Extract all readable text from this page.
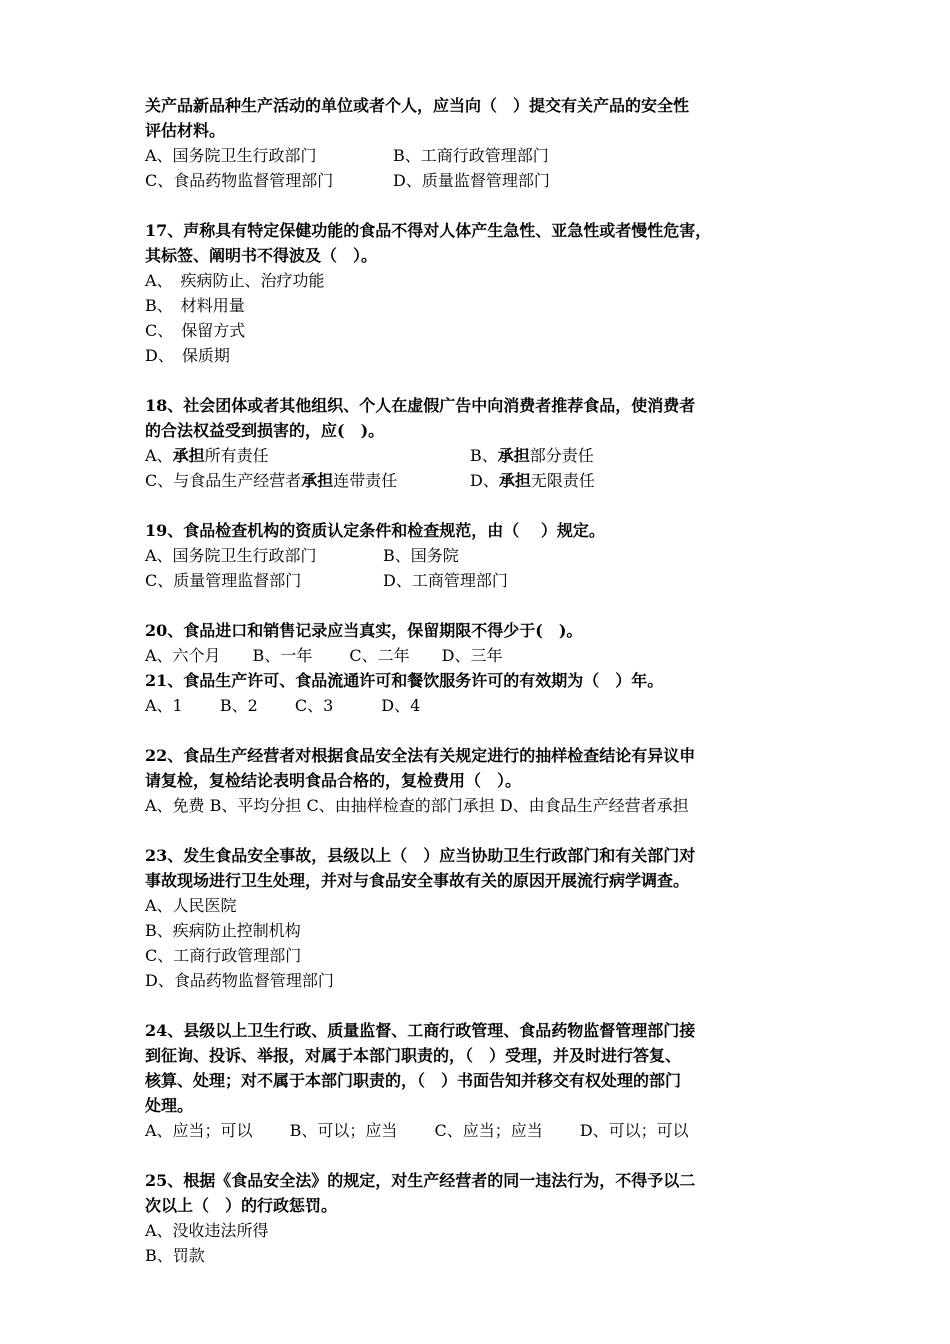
关产品新品种生产活动的单位或者个人，应当向（　）提交有关产品的安全性

评估材料。

A、国务院卫生行政部门	B、工商行政管理部门
C、食品药物监督管理部门	D、质量监督管理部门

17、声称具有特定保健功能的食品不得对人体产生急性、亚急性或者慢性危害，

其标签、阐明书不得波及（　）。

A、　疾病防止、治疗功能

B、　材料用量

C、　保留方式

D、　保质期

18、社会团体或者其他组织、个人在虚假广告中向消费者推荐食品，使消费者

的合法权益受到损害的，应(　)。

A、承担所有责任	B、承担部分责任
C、与食品生产经营者承担连带责任	D、承担无限责任

19、食品检查机构的资质认定条件和检查规范，由（　 ）规定。

A、国务院卫生行政部门	B、国务院
C、质量管理监督部门	D、工商管理部门

20、食品进口和销售记录应当真实，保留期限不得少于(　)。

A、六个月　　B、一年　　 C、二年　　D、三年

21、食品生产许可、食品流通许可和餐饮服务许可的有效期为（　）年。

A、1　　 B、2　　 C、3　　　D、4

22、食品生产经营者对根据食品安全法有关规定进行的抽样检查结论有异议申

请复检，复检结论表明食品合格的，复检费用（　）。

A、免费 B、平均分担 C、由抽样检查的部门承担 D、由食品生产经营者承担

23、发生食品安全事故，县级以上（　）应当协助卫生行政部门和有关部门对

事故现场进行卫生处理，并对与食品安全事故有关的原因开展流行病学调查。

A、人民医院

B、疾病防止控制机构

C、工商行政管理部门

D、食品药物监督管理部门

24、县级以上卫生行政、质量监督、工商行政管理、食品药物监督管理部门接

到征询、投诉、举报，对属于本部门职责的，（　）受理，并及时进行答复、

核算、处理；对不属于本部门职责的，（　）书面告知并移交有权处理的部门

处理。

A、应当；可以　　 B、可以；应当　　 C、应当；应当　　 D、可以；可以

25、根据《食品安全法》的规定，对生产经营者的同一违法行为，不得予以二

次以上（　）的行政惩罚。

A、没收违法所得

B、罚款
